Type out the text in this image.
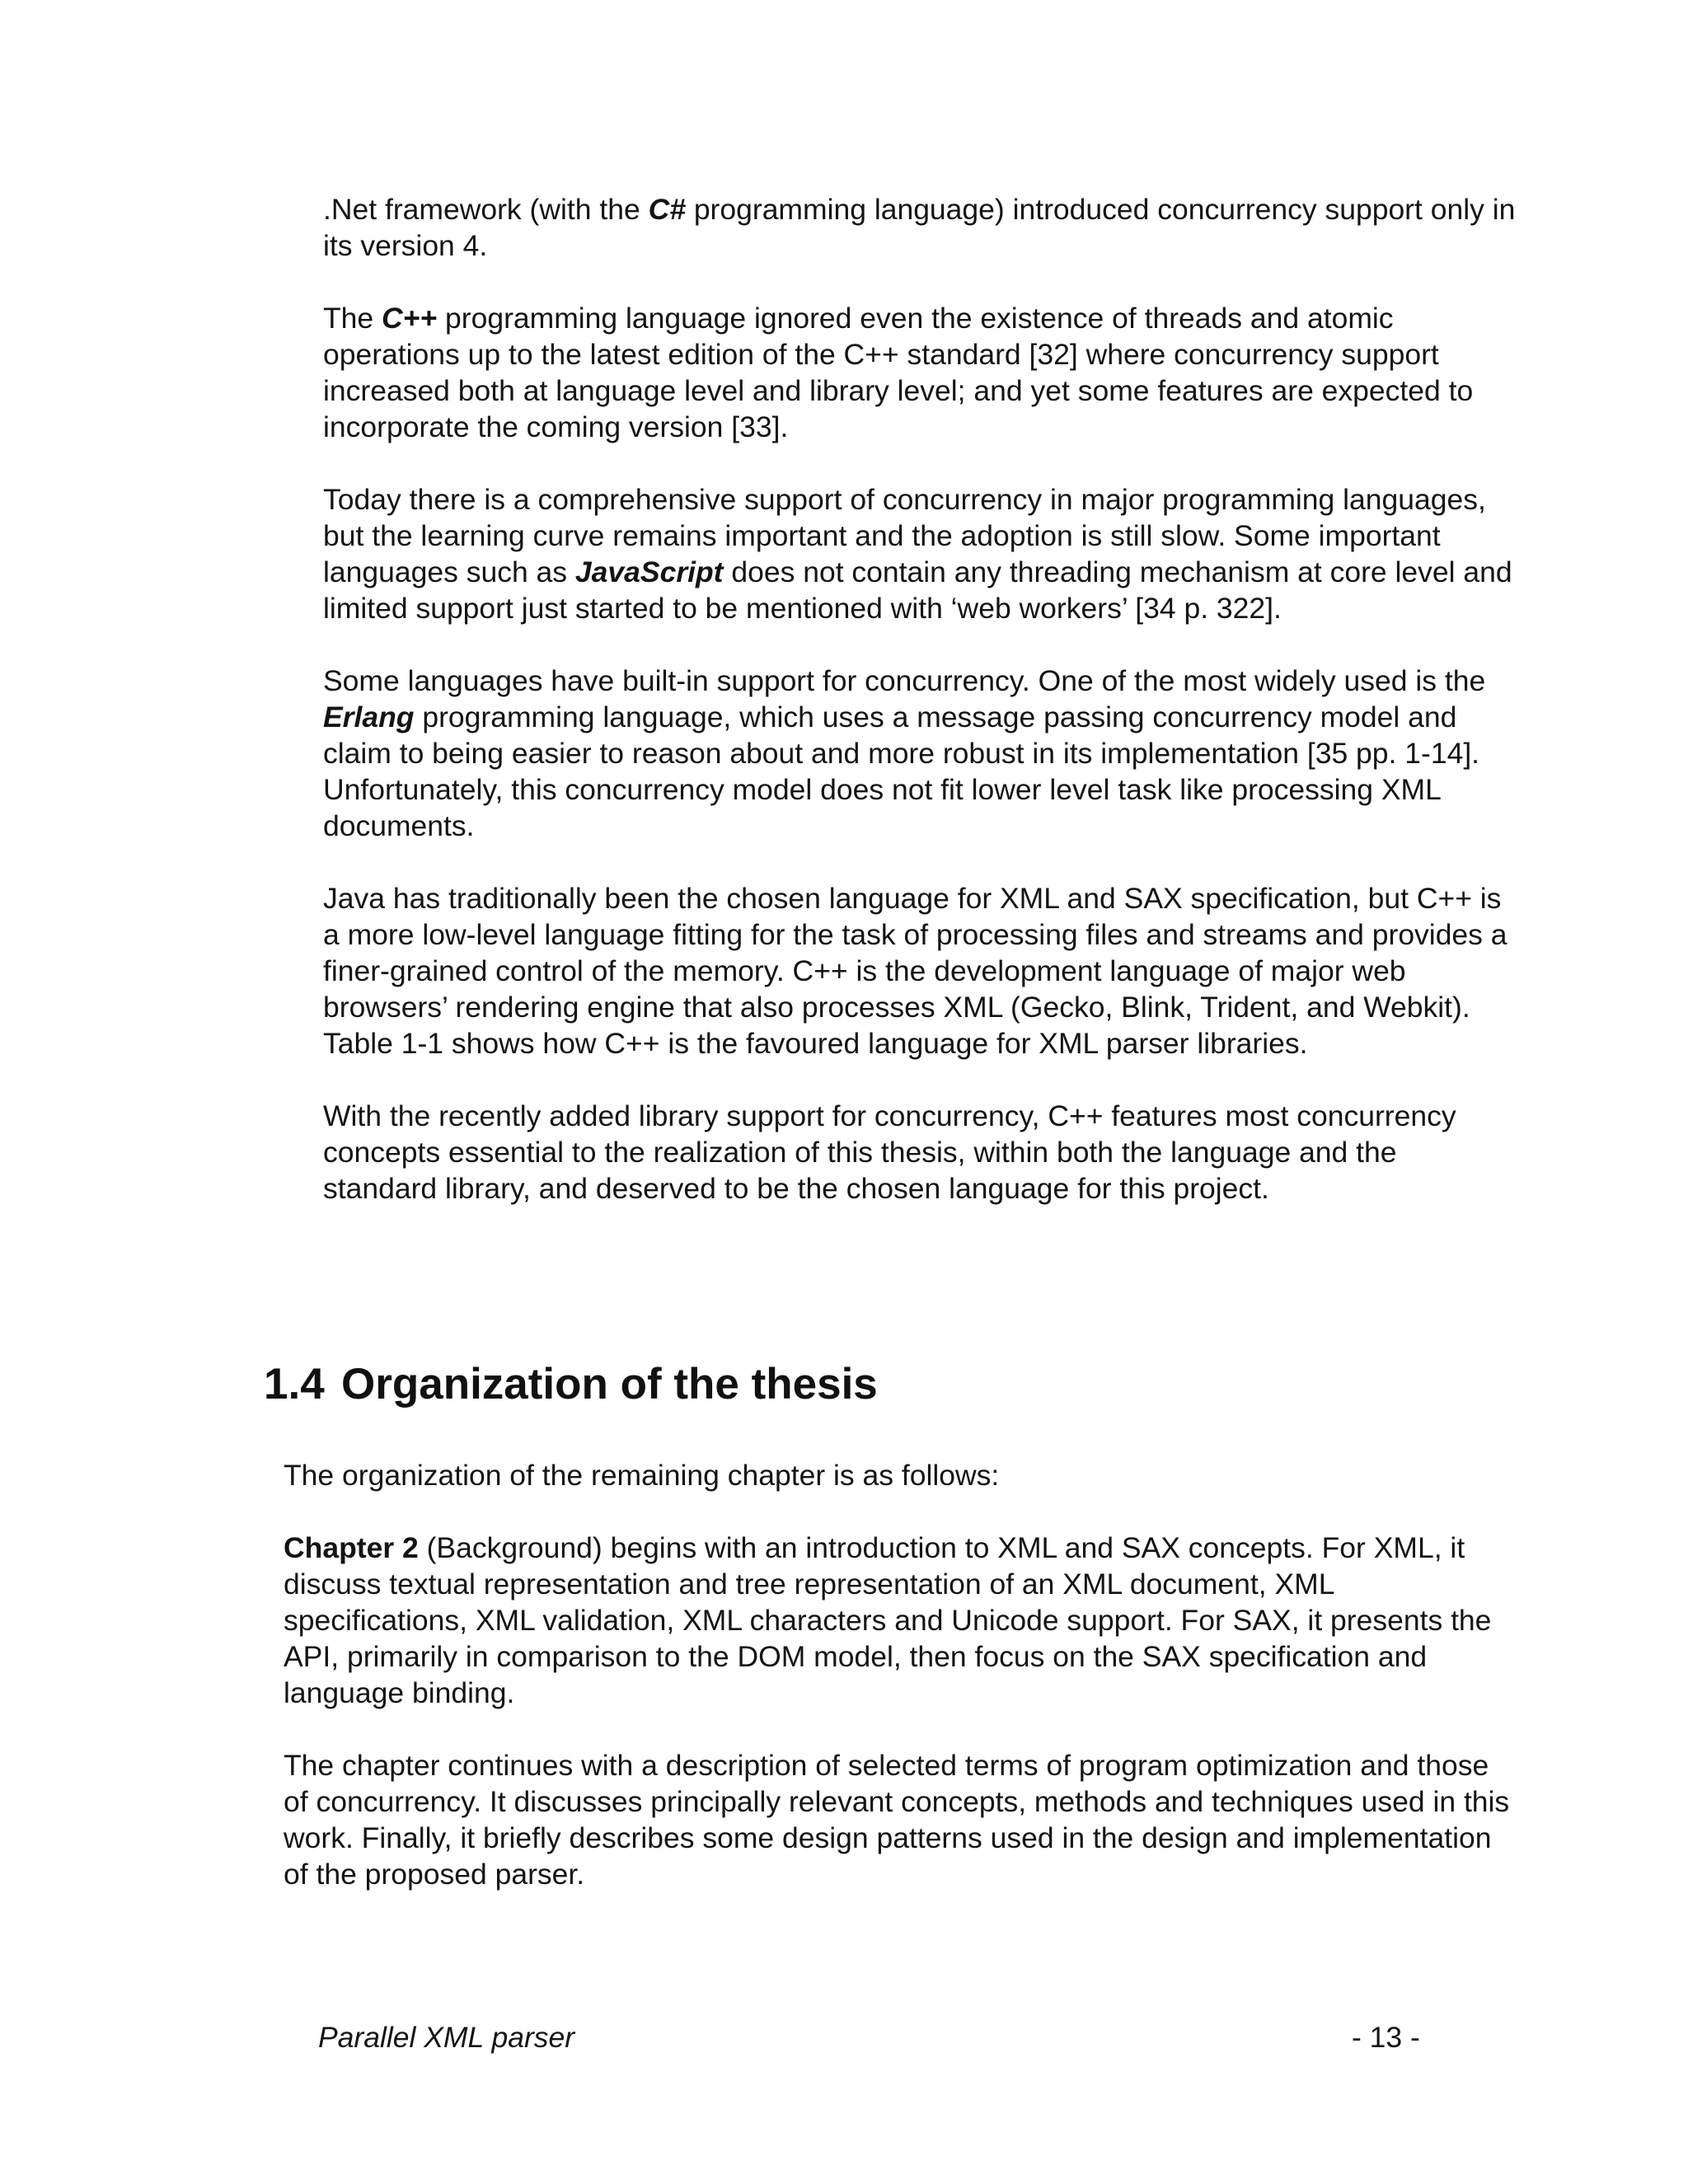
.Net framework (with the C# programming language) introduced concurrency support only in its version 4.

The C++ programming language ignored even the existence of threads and atomic operations up to the latest edition of the C++ standard [32] where concurrency support increased both at language level and library level; and yet some features are expected to incorporate the coming version [33].

Today there is a comprehensive support of concurrency in major programming languages, but the learning curve remains important and the adoption is still slow. Some important languages such as JavaScript does not contain any threading mechanism at core level and limited support just started to be mentioned with ‘web workers’ [34 p. 322].

Some languages have built-in support for concurrency. One of the most widely used is the Erlang programming language, which uses a message passing concurrency model and claim to being easier to reason about and more robust in its implementation [35 pp. 1-14]. Unfortunately, this concurrency model does not fit lower level task like processing XML documents.

Java has traditionally been the chosen language for XML and SAX specification, but C++ is a more low-level language fitting for the task of processing files and streams and provides a finer-grained control of the memory. C++ is the development language of major web browsers’ rendering engine that also processes XML (Gecko, Blink, Trident, and Webkit). Table 1-1 shows how C++ is the favoured language for XML parser libraries.

With the recently added library support for concurrency, C++ features most concurrency concepts essential to the realization of this thesis, within both the language and the standard library, and deserved to be the chosen language for this project.

1.4 Organization of the thesis

The organization of the remaining chapter is as follows:

Chapter 2 (Background) begins with an introduction to XML and SAX concepts. For XML, it discuss textual representation and tree representation of an XML document, XML specifications, XML validation, XML characters and Unicode support. For SAX, it presents the API, primarily in comparison to the DOM model, then focus on the SAX specification and language binding.

The chapter continues with a description of selected terms of program optimization and those of concurrency. It discusses principally relevant concepts, methods and techniques used in this work. Finally, it briefly describes some design patterns used in the design and implementation of the proposed parser.

Parallel XML parser	- 13 -
